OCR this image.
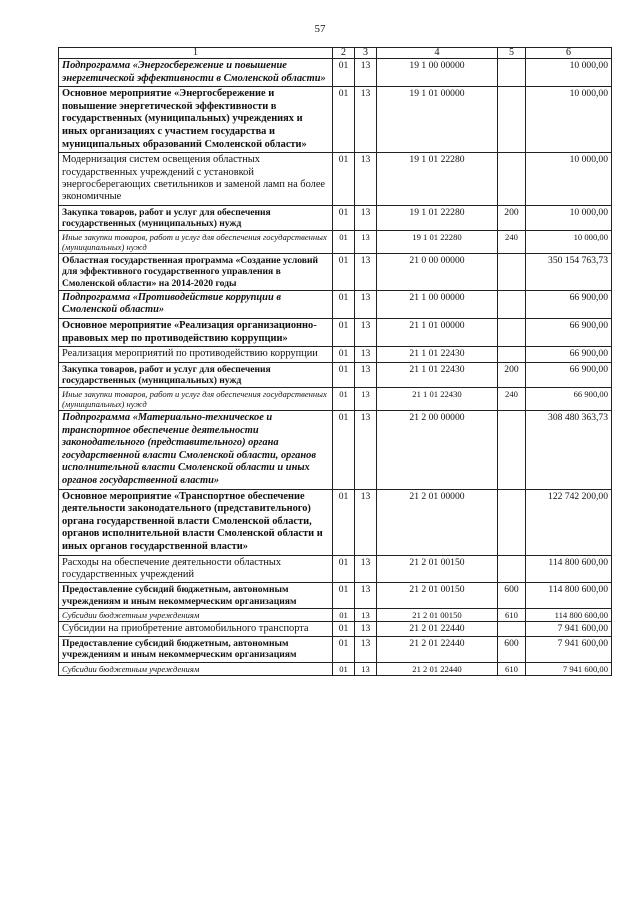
57
1	2	3	4	5	6
Подпрограмма «Энергосбережение и повышение энергетической эффективности в Смоленской области»	01	13	19 1 00 00000		10 000,00
Основное мероприятие «Энергосбережение и повышение энергетической эффективности в государственных (муниципальных) учреждениях и иных организациях с участием государства и муниципальных образований Смоленской области»	01	13	19 1 01 00000		10 000,00
Модернизация систем освещения областных государственных учреждений с установкой энергосберегающих светильников и заменой ламп на более экономичные	01	13	19 1 01 22280		10 000,00
Закупка товаров, работ и услуг для обеспечения государственных (муниципальных) нужд	01	13	19 1 01 22280	200	10 000,00
Иные закупки товаров, работ и услуг для обеспечения государственных (муниципальных) нужд	01	13	19 1 01 22280	240	10 000,00
Областная государственная программа «Создание условий для эффективного государственного управления в Смоленской области» на 2014-2020 годы	01	13	21 0 00 00000		350 154 763,73
Подпрограмма «Противодействие коррупции в Смоленской области»	01	13	21 1 00 00000		66 900,00
Основное мероприятие «Реализация организационно-правовых мер по противодействию коррупции»	01	13	21 1 01 00000		66 900,00
Реализация мероприятий по противодействию коррупции	01	13	21 1 01 22430		66 900,00
Закупка товаров, работ и услуг для обеспечения государственных (муниципальных) нужд	01	13	21 1 01 22430	200	66 900,00
Иные закупки товаров, работ и услуг для обеспечения государственных (муниципальных) нужд	01	13	21 1 01 22430	240	66 900,00
Подпрограмма «Материально-техническое и транспортное обеспечение деятельности законодательного (представительного) органа государственной власти Смоленской области, органов исполнительной власти Смоленской области и иных органов государственной власти»	01	13	21 2 00 00000		308 480 363,73
Основное мероприятие «Транспортное обеспечение деятельности законодательного (представительного) органа государственной власти Смоленской области, органов исполнительной власти Смоленской области и иных органов государственной власти»	01	13	21 2 01 00000		122 742 200,00
Расходы на обеспечение деятельности областных государственных учреждений	01	13	21 2 01 00150		114 800 600,00
Предоставление субсидий бюджетным, автономным учреждениям и иным некоммерческим организациям	01	13	21 2 01 00150	600	114 800 600,00
Субсидии бюджетным учреждениям	01	13	21 2 01 00150	610	114 800 600,00
Субсидии на приобретение автомобильного транспорта	01	13	21 2 01 22440		7 941 600,00
Предоставление субсидий бюджетным, автономным учреждениям и иным некоммерческим организациям	01	13	21 2 01 22440	600	7 941 600,00
Субсидии бюджетным учреждениям	01	13	21 2 01 22440	610	7 941 600,00
